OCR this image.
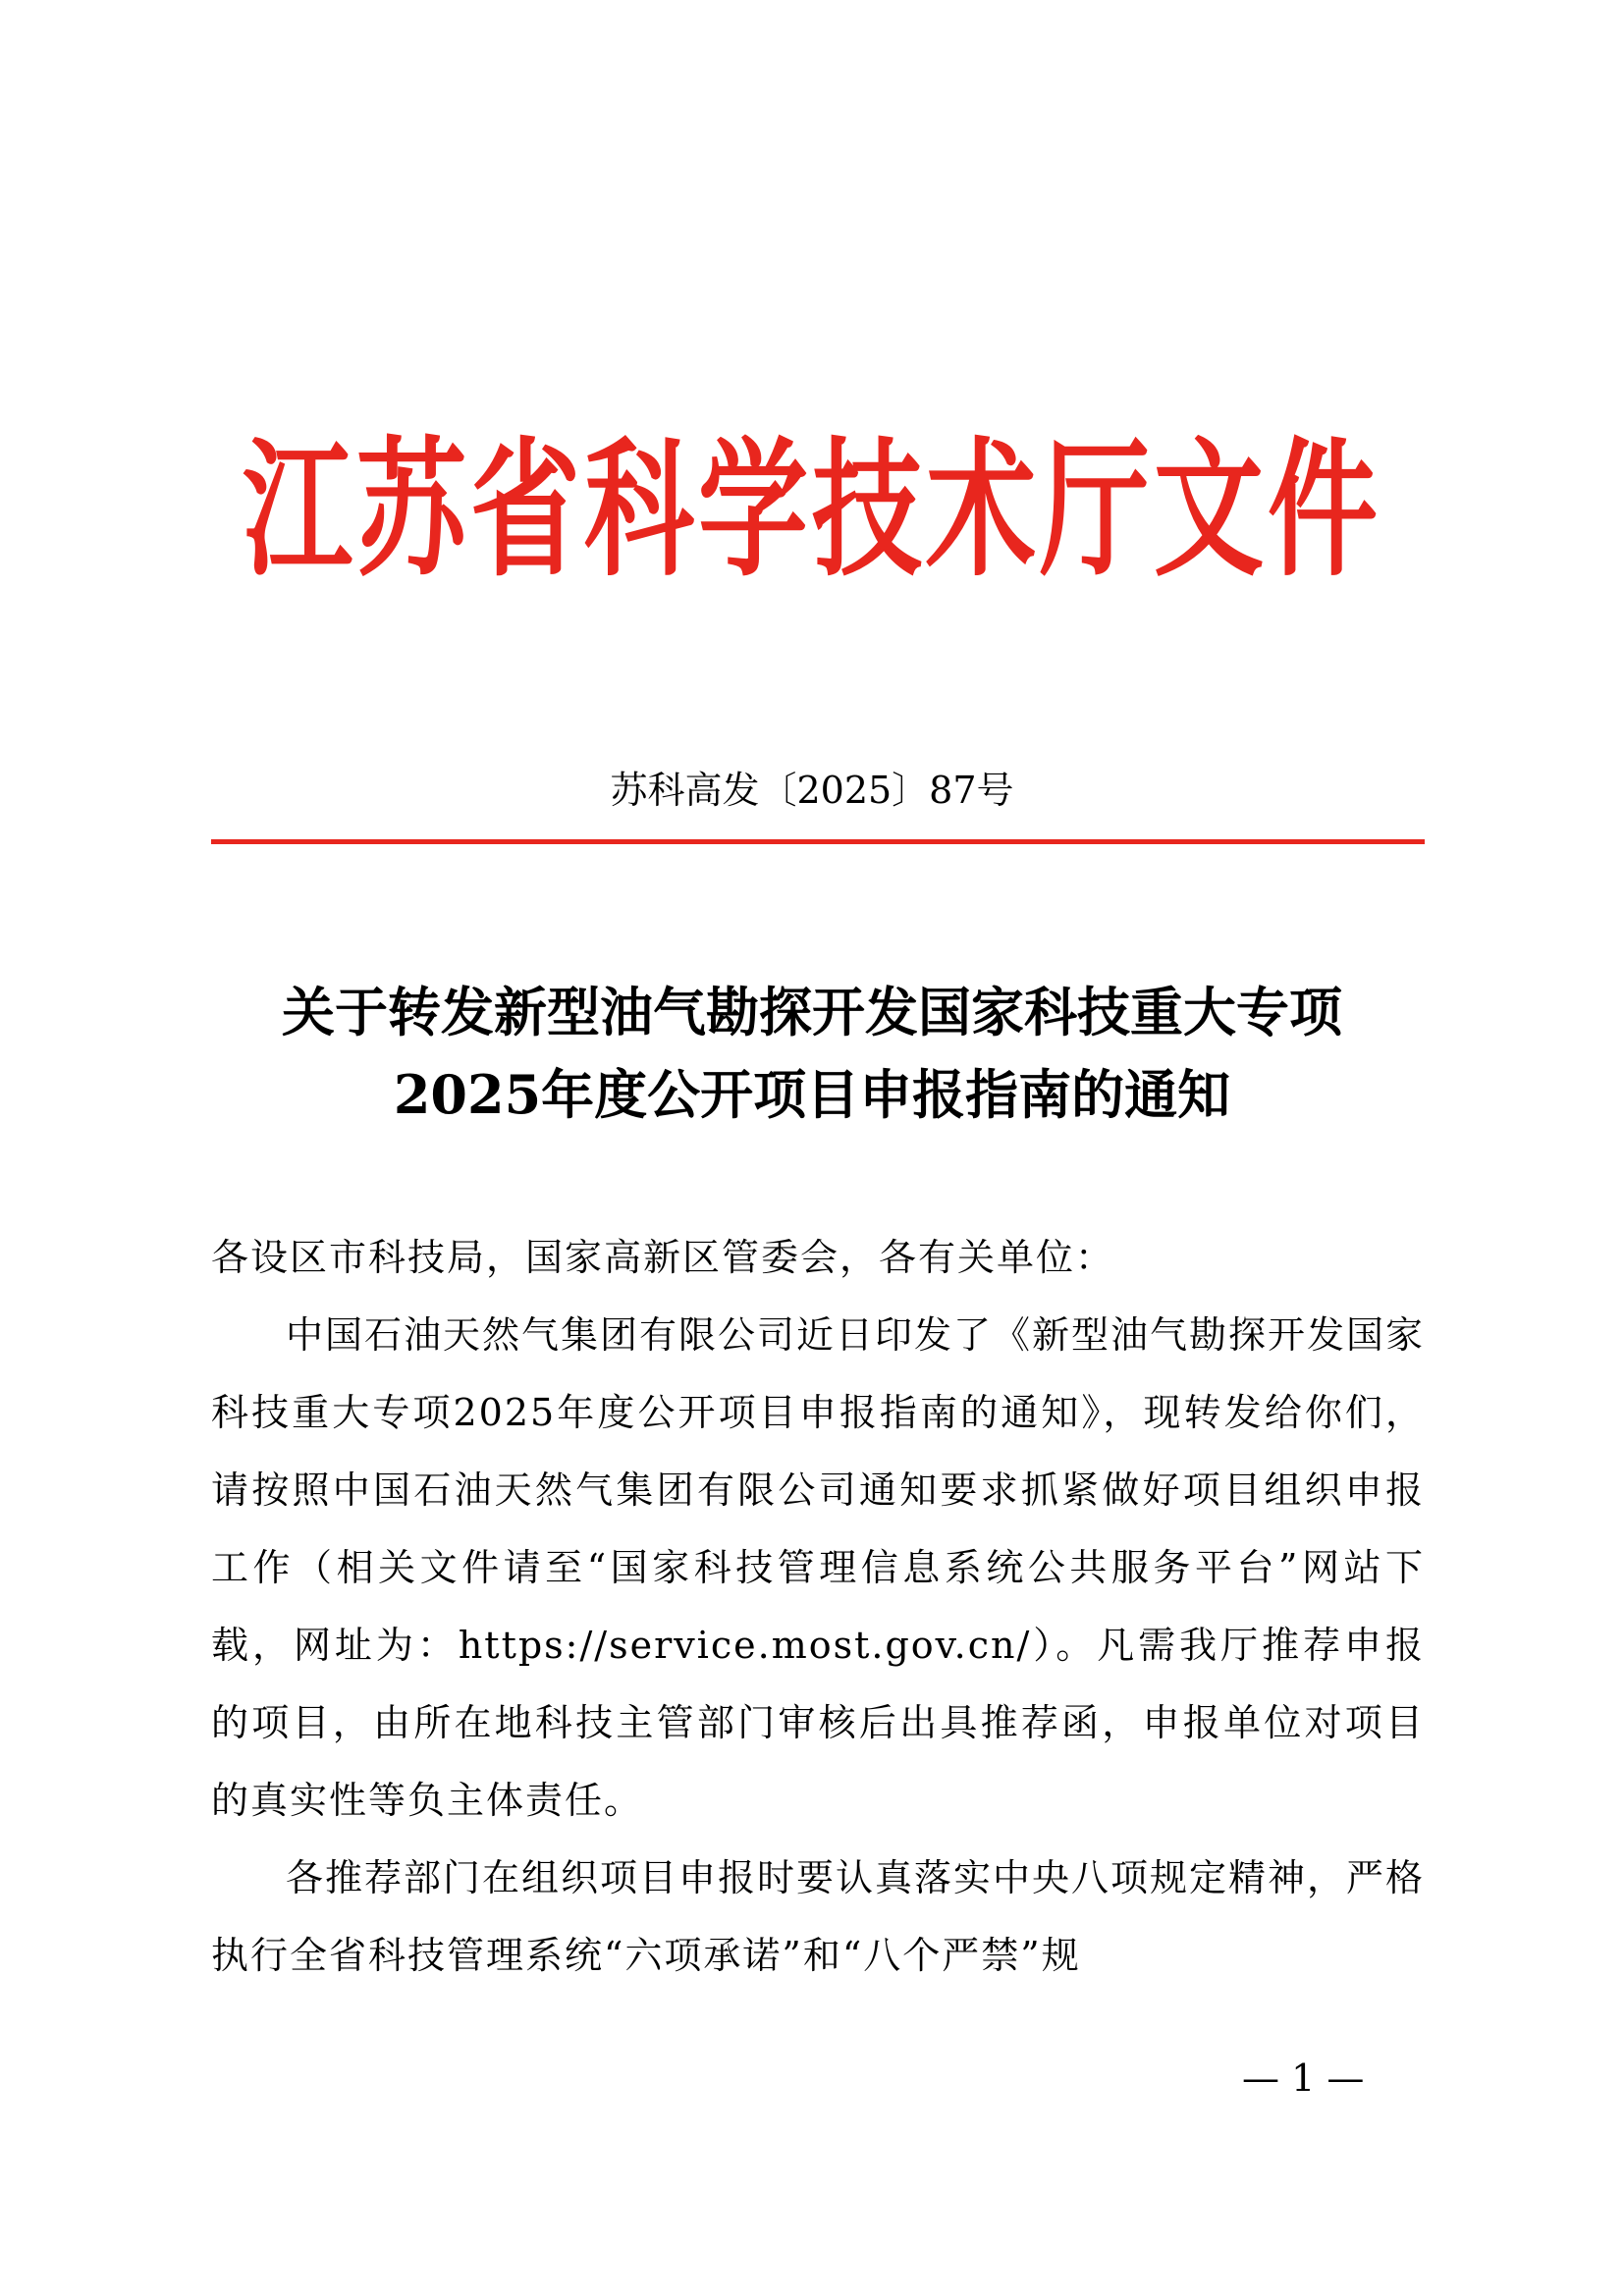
江苏省科学技术厅文件
苏科高发〔2025〕87号
关于转发新型油气勘探开发国家科技重大专项
2025年度公开项目申报指南的通知

各设区市科技局，国家高新区管委会，各有关单位：

中国石油天然气集团有限公司近日印发了《新型油气勘探开发国家科技重大专项2025年度公开项目申报指南的通知》，现转发给你们，请按照中国石油天然气集团有限公司通知要求抓紧做好项目组织申报工作（相关文件请至“国家科技管理信息系统公共服务平台”网站下载，网址为：https://service.most.gov.cn/）。凡需我厅推荐申报的项目，由所在地科技主管部门审核后出具推荐函，申报单位对项目的真实性等负主体责任。

各推荐部门在组织项目申报时要认真落实中央八项规定精神，严格执行全省科技管理系统“六项承诺”和“八个严禁”规

— 1 —
